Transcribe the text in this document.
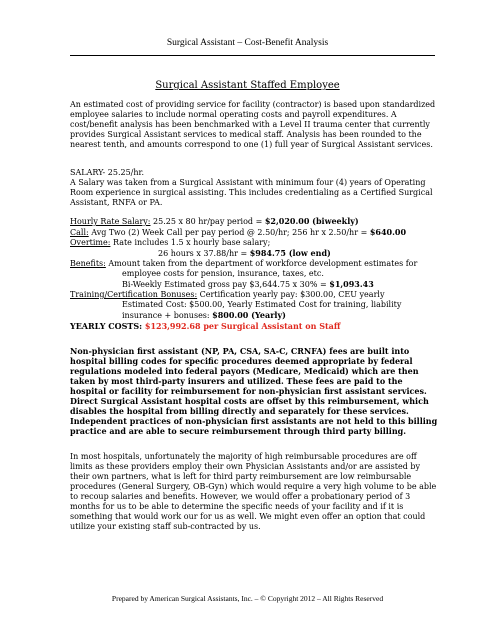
Surgical Assistant – Cost-Benefit Analysis
Surgical Assistant Staffed Employee
An estimated cost of providing service for facility (contractor) is based upon standardized employee salaries to include normal operating costs and payroll expenditures. A cost/benefit analysis has been benchmarked with a Level II trauma center that currently provides Surgical Assistant services to medical staff. Analysis has been rounded to the nearest tenth, and amounts correspond to one (1) full year of Surgical Assistant services.

SALARY- 25.25/hr.

A Salary was taken from a Surgical Assistant with minimum four (4) years of Operating Room experience in surgical assisting. This includes credentialing as a Certified Surgical Assistant, RNFA or PA.

Hourly Rate Salary: 25.25 x 80 hr/pay period = $2,020.00 (biweekly)

Call: Avg Two (2) Week Call per pay period @ 2.50/hr; 256 hr x 2.50/hr = $640.00

Overtime: Rate includes 1.5 x hourly base salary;

26 hours x 37.88/hr = $984.75 (low end)

Benefits: Amount taken from the department of workforce development estimates for

employee costs for pension, insurance, taxes, etc.

Bi-Weekly Estimated gross pay $3,644.75 x 30% = $1,093.43

Training/Certification Bonuses: Certification yearly pay: $300.00, CEU yearly

Estimated Cost: $500.00, Yearly Estimated Cost for training, liability

insurance + bonuses: $800.00 (Yearly)

YEARLY COSTS: $123,992.68 per Surgical Assistant on Staff
Non-physician first assistant (NP, PA, CSA, SA-C, CRNFA) fees are built into hospital billing codes for specific procedures deemed appropriate by federal regulations modeled into federal payors (Medicare, Medicaid) which are then taken by most third-party insurers and utilized. These fees are paid to the hospital or facility for reimbursement for non-physician first assistant services. Direct Surgical Assistant hospital costs are offset by this reimbursement, which disables the hospital from billing directly and separately for these services. Independent practices of non-physician first assistants are not held to this billing practice and are able to secure reimbursement through third party billing.
In most hospitals, unfortunately the majority of high reimbursable procedures are off limits as these providers employ their own Physician Assistants and/or are assisted by their own partners, what is left for third party reimbursement are low reimbursable procedures (General Surgery, OB-Gyn) which would require a very high volume to be able to recoup salaries and benefits. However, we would offer a probationary period of 3 months for us to be able to determine the specific needs of your facility and if it is something that would work our for us as well. We might even offer an option that could utilize your existing staff sub-contracted by us.
Prepared by American Surgical Assistants, Inc. – © Copyright 2012 – All Rights Reserved
